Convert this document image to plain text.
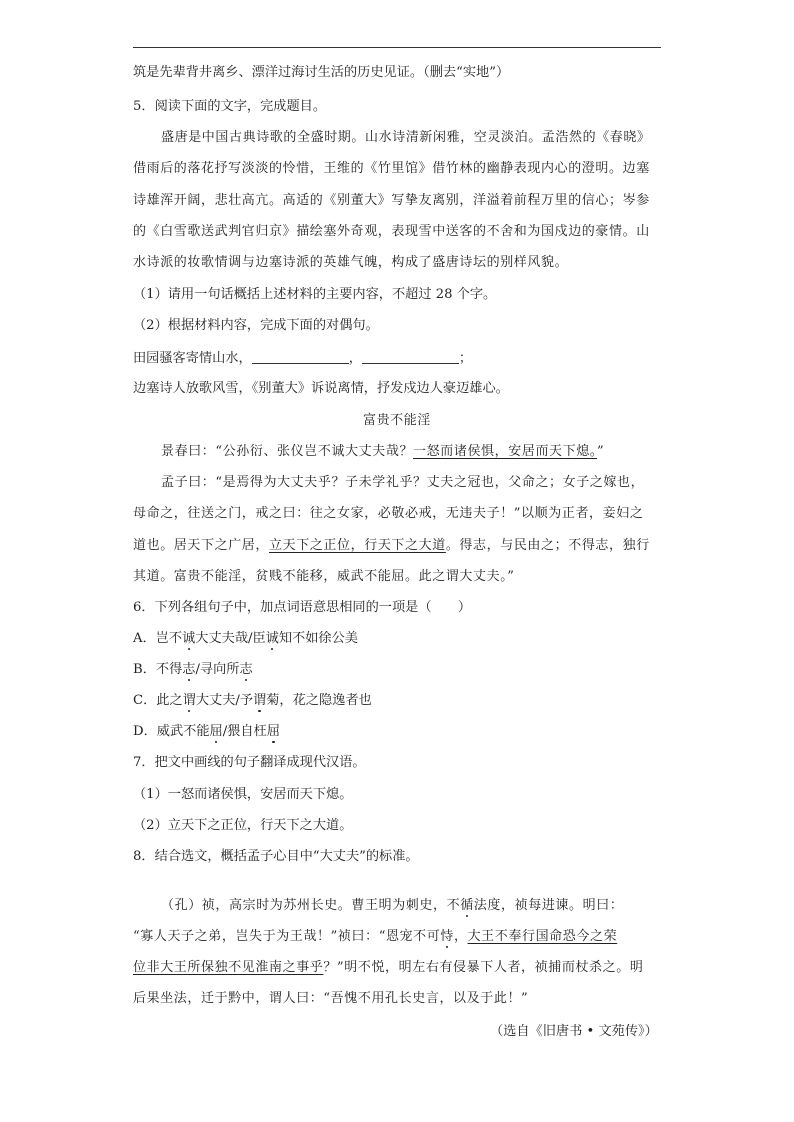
筑是先辈背井离乡、漂洋过海讨生活的历史见证。（删去“实地”）
5．阅读下面的文字，完成题目。
盛唐是中国古典诗歌的全盛时期。山水诗清新闲雅，空灵淡泊。孟浩然的《春晓》
借雨后的落花抒写淡淡的怜惜，王维的《竹里馆》借竹林的幽静表现内心的澄明。边塞
诗雄浑开阔，悲壮高亢。高适的《别董大》写挚友离别，洋溢着前程万里的信心；岑参
的《白雪歌送武判官归京》描绘塞外奇观，表现雪中送客的不舍和为国戍边的豪情。山
水诗派的妆歌情调与边塞诗派的英雄气魄，构成了盛唐诗坛的别样风貌。
（1）请用一句话概括上述材料的主要内容，不超过 28 个字。
（2）根据材料内容，完成下面的对偶句。
田园骚客寄情山水，	，	；
边塞诗人放歌风雪，《别董大》诉说离情，抒发戍边人豪迈雄心。
富贵不能淫
景春曰：“公孙衍、张仪岂不诚大丈夫哉？一怒而诸侯惧，安居而天下熄。”
孟子曰：“是焉得为大丈夫乎？子未学礼乎？丈夫之冠也，父命之；女子之嫁也，
母命之，往送之门，戒之曰：往之女家，必敬必戒，无违夫子！”以顺为正者，妾妇之
道也。居天下之广居，立天下之正位，行天下之大道。得志，与民由之；不得志，独行
其道。富贵不能淫，贫贱不能移，威武不能屈。此之谓大丈夫。”
6．下列各组句子中，加点词语意思相同的一项是（　　）
A．岂不诚大丈夫哉/臣诚知不如徐公美
B．不得志/寻向所志
C．此之谓大丈夫/予谓菊，花之隐逸者也
D．威武不能屈/猥自枉屈
7．把文中画线的句子翻译成现代汉语。
（1）一怒而诸侯惧，安居而天下熄。
（2）立天下之正位，行天下之大道。
8．结合选文，概括孟子心目中“大丈夫”的标准。
（孔）祯，高宗时为苏州长史。曹王明为刺史，不循法度，祯每进谏。明曰：
“寡人天子之弟，岂失于为王哉！”祯曰：“恩宠不可恃，大王不奉行国命恐今之荣
位非大王所保独不见淮南之事乎？”明不悦，明左右有侵暴下人者，祯捕而杖杀之。明
后果坐法，迁于黔中，谓人曰：“吾愧不用孔长史言，以及于此！”
（选自《旧唐书 • 文苑传》）
